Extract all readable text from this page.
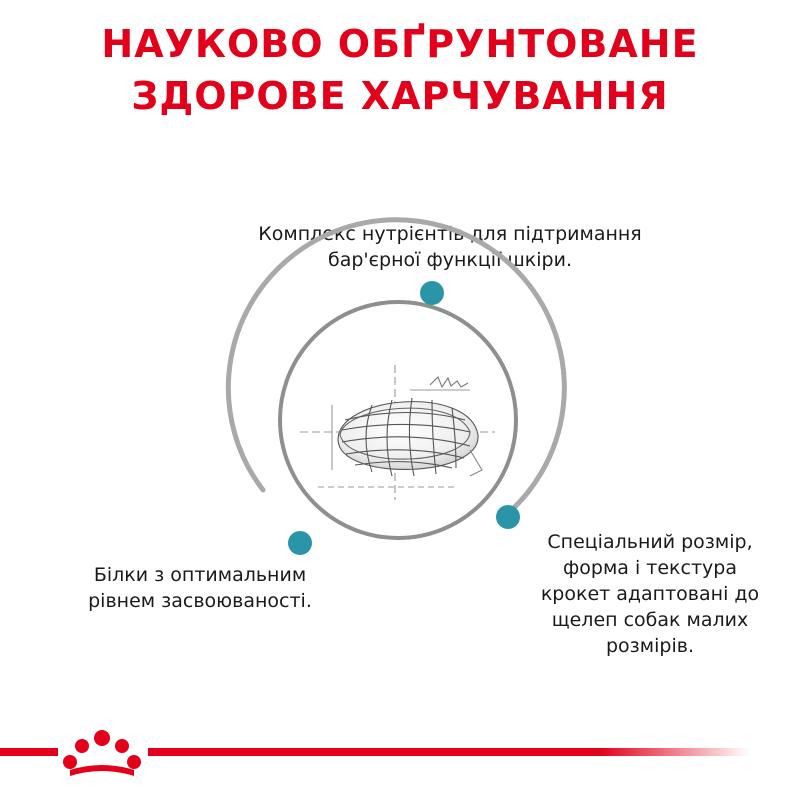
НАУКОВО ОБҐРУНТОВАНЕ
ЗДОРОВЕ ХАРЧУВАННЯ
Комплекс нутрієнтів для підтримання
бар'єрної функції шкіри.
Білки з оптимальним
рівнем засвоюваності.
Спеціальний розмір,
форма і текстура
крокет адаптовані до
щелеп собак малих
розмірів.
